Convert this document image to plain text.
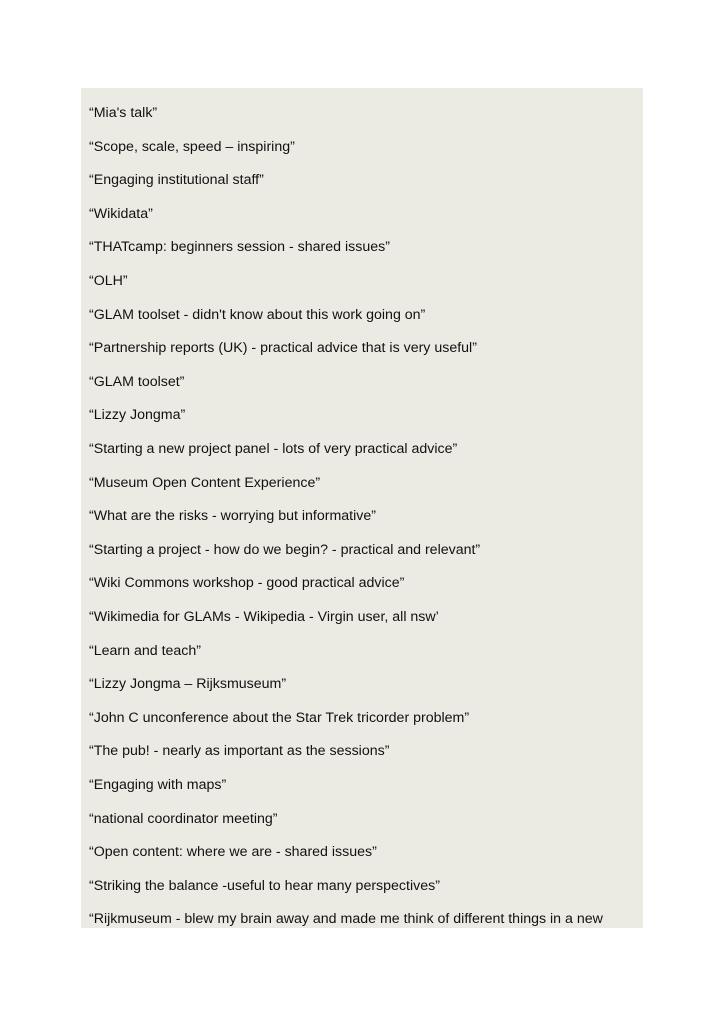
“Mia's talk”
“Scope, scale, speed – inspiring”
“Engaging institutional staff”
“Wikidata”
“THATcamp: beginners session - shared issues”
“OLH”
“GLAM toolset - didn't know about this work going on”
“Partnership reports (UK) - practical advice that is very useful”
“GLAM toolset”
“Lizzy Jongma”
“Starting a new project panel - lots of very practical advice”
“Museum Open Content Experience”
“What are the risks - worrying but informative”
“Starting a project - how do we begin? - practical and relevant”
“Wiki Commons workshop - good practical advice”
“Wikimedia for GLAMs - Wikipedia - Virgin user, all nsw’
“Learn and teach”
“Lizzy Jongma – Rijksmuseum”
“John C unconference about the Star Trek tricorder problem”
“The pub! - nearly as important as the sessions”
“Engaging with maps”
“national coordinator meeting”
“Open content: where we are - shared issues”
“Striking the balance -useful to hear many perspectives”
“Rijkmuseum - blew my brain away and made me think of different things in a new
